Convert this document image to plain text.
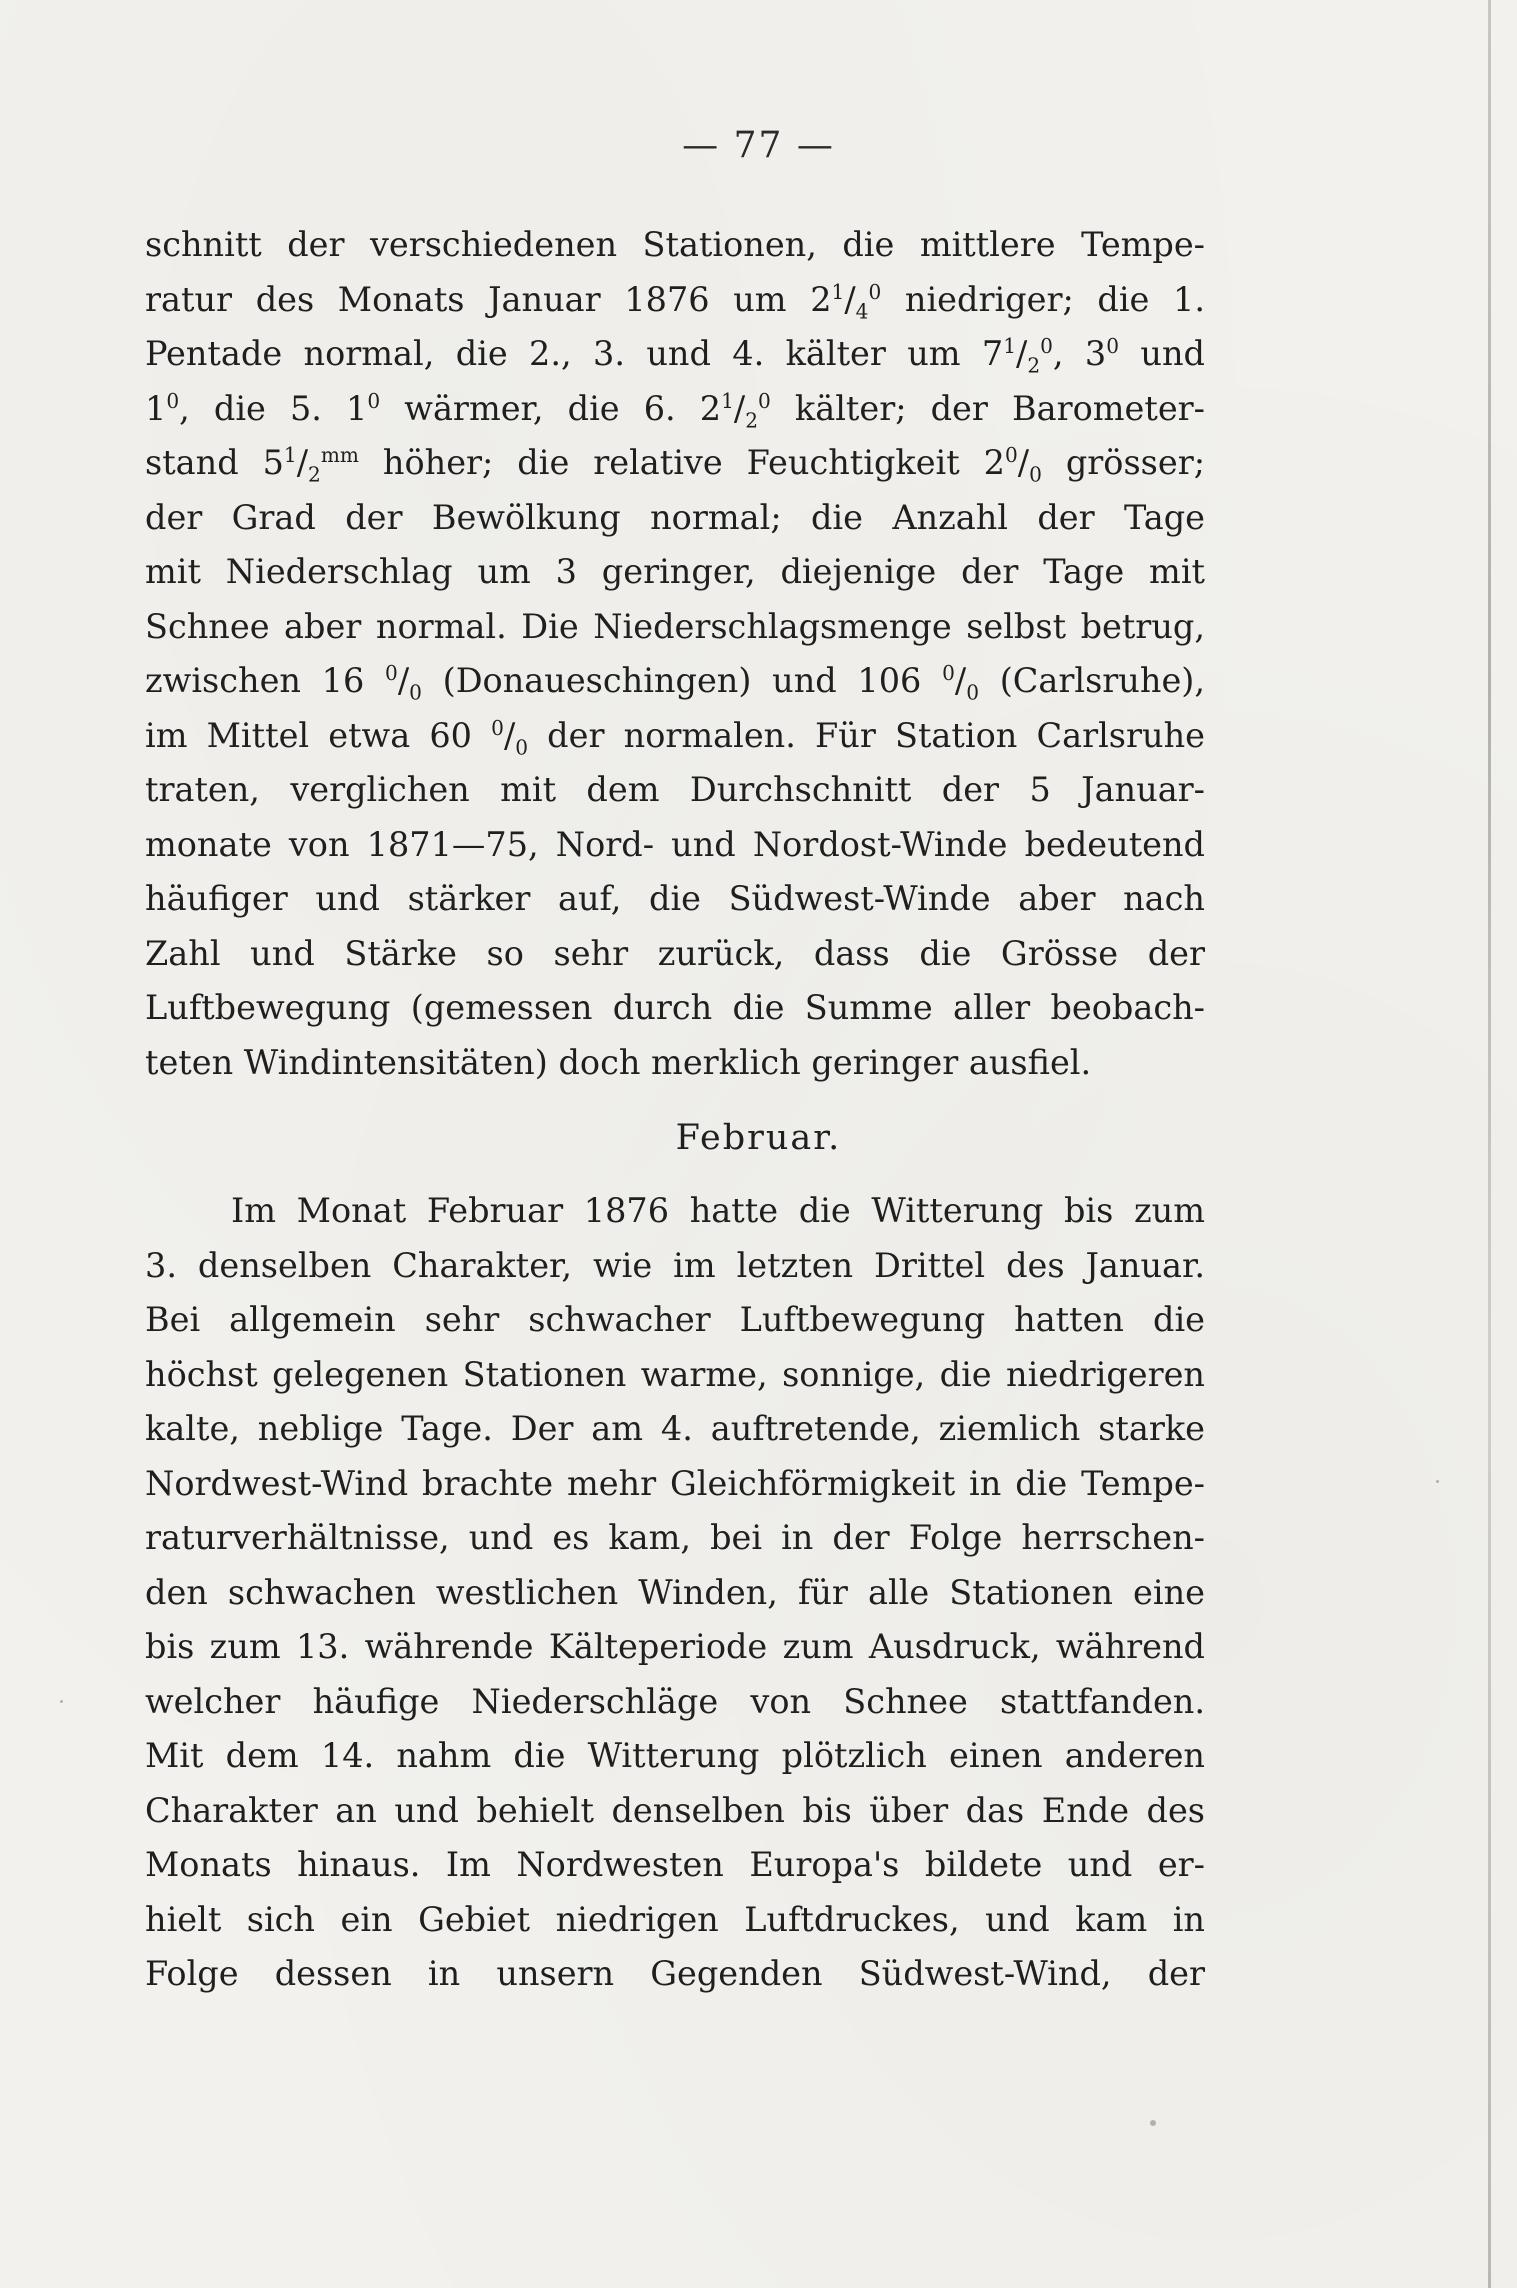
— 77 —
schnitt der verschiedenen Stationen, die mittlere Tempe-
ratur des Monats Januar 1876 um $2^1/_4^0$ niedriger; die 1.
Pentade normal, die 2., 3. und 4. kälter um $7^1/_2^0$, $3^0$ und
$1^0$, die 5. $1^0$ wärmer, die 6. $2^1/_2^0$ kälter; der Barometer-
stand $5^1/_2^{mm}$ höher; die relative Feuchtigkeit $2^0/_0$ grösser;
der Grad der Bewölkung normal; die Anzahl der Tage
mit Niederschlag um 3 geringer, diejenige der Tage mit
Schnee aber normal. Die Niederschlagsmenge selbst betrug,
zwischen 16 $^0/_0$ (Donaueschingen) und 106 $^0/_0$ (Carlsruhe),
im Mittel etwa 60 $^0/_0$ der normalen. Für Station Carlsruhe
traten, verglichen mit dem Durchschnitt der 5 Januar-
monate von 1871—75, Nord- und Nordost-Winde bedeutend
häufiger und stärker auf, die Südwest-Winde aber nach
Zahl und Stärke so sehr zurück, dass die Grösse der
Luftbewegung (gemessen durch die Summe aller beobach-
teten Windintensitäten) doch merklich geringer ausfiel.
Februar.
Im Monat Februar 1876 hatte die Witterung bis zum
3. denselben Charakter, wie im letzten Drittel des Januar.
Bei allgemein sehr schwacher Luftbewegung hatten die
höchst gelegenen Stationen warme, sonnige, die niedrigeren
kalte, neblige Tage. Der am 4. auftretende, ziemlich starke
Nordwest-Wind brachte mehr Gleichförmigkeit in die Tempe-
raturverhältnisse, und es kam, bei in der Folge herrschen-
den schwachen westlichen Winden, für alle Stationen eine
bis zum 13. währende Kälteperiode zum Ausdruck, während
welcher häufige Niederschläge von Schnee stattfanden.
Mit dem 14. nahm die Witterung plötzlich einen anderen
Charakter an und behielt denselben bis über das Ende des
Monats hinaus. Im Nordwesten Europa's bildete und er-
hielt sich ein Gebiet niedrigen Luftdruckes, und kam in
Folge dessen in unsern Gegenden Südwest-Wind, der
